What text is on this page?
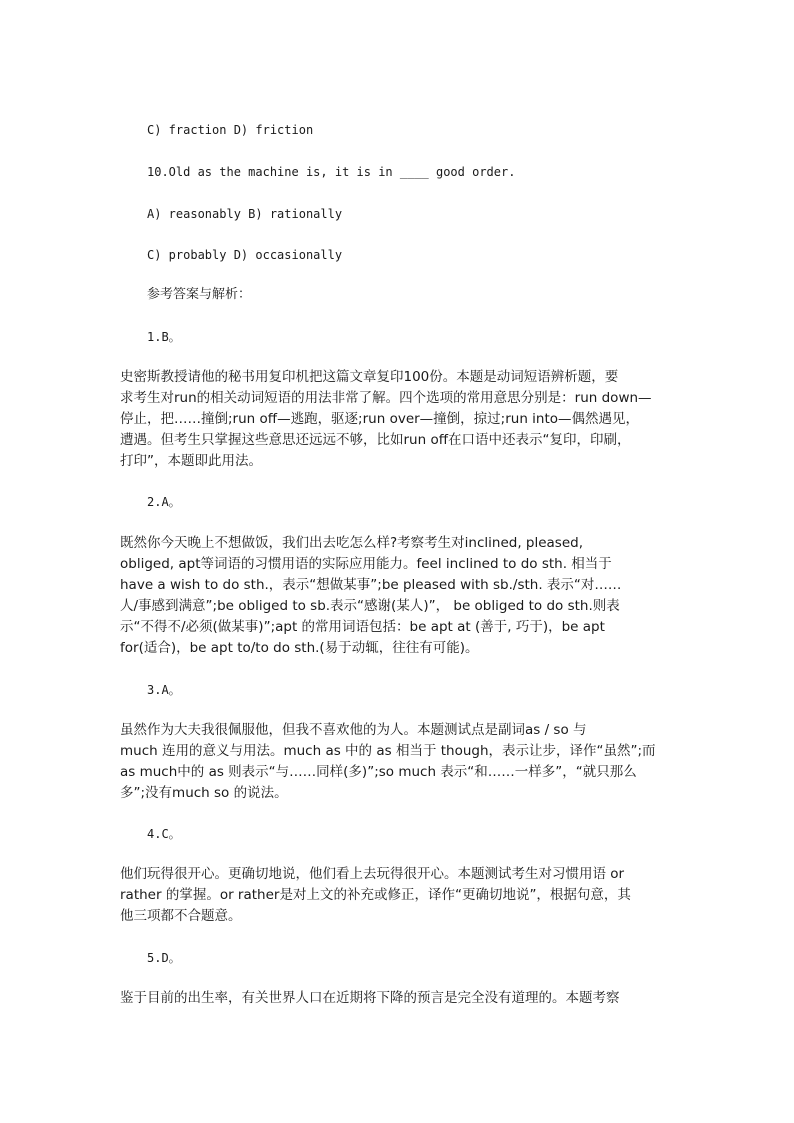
C) fraction D) friction
10.Old as the machine is, it is in ____ good order.
A) reasonably B) rationally
C) probably D) occasionally
参考答案与解析：
1.B。
史密斯教授请他的秘书用复印机把这篇文章复印100份。本题是动词短语辨析题，要
求考生对run的相关动词短语的用法非常了解。四个选项的常用意思分别是：run down—
停止，把……撞倒;run off—逃跑，驱逐;run over—撞倒，掠过;run into—偶然遇见，
遭遇。但考生只掌握这些意思还远远不够，比如run off在口语中还表示“复印，印刷，
打印”，本题即此用法。
2.A。
既然你今天晚上不想做饭，我们出去吃怎么样?考察考生对inclined, pleased,
obliged, apt等词语的习惯用语的实际应用能力。feel inclined to do sth. 相当于
have a wish to do sth.，表示“想做某事”;be pleased with sb./sth. 表示“对……
人/事感到满意”;be obliged to sb.表示“感谢(某人)”， be obliged to do sth.则表
示“不得不/必须(做某事)”;apt 的常用词语包括：be apt at (善于, 巧于)，be apt
for(适合)，be apt to/to do sth.(易于动辄，往往有可能)。
3.A。
虽然作为大夫我很佩服他，但我不喜欢他的为人。本题测试点是副词as / so 与
much 连用的意义与用法。much as 中的 as 相当于 though，表示让步，译作“虽然”;而
as much中的 as 则表示“与……同样(多)”;so much 表示“和……一样多”，“就只那么
多”;没有much so 的说法。
4.C。
他们玩得很开心。更确切地说，他们看上去玩得很开心。本题测试考生对习惯用语 or
rather 的掌握。or rather是对上文的补充或修正，译作“更确切地说”，根据句意，其
他三项都不合题意。
5.D。
鉴于目前的出生率，有关世界人口在近期将下降的预言是完全没有道理的。本题考察
